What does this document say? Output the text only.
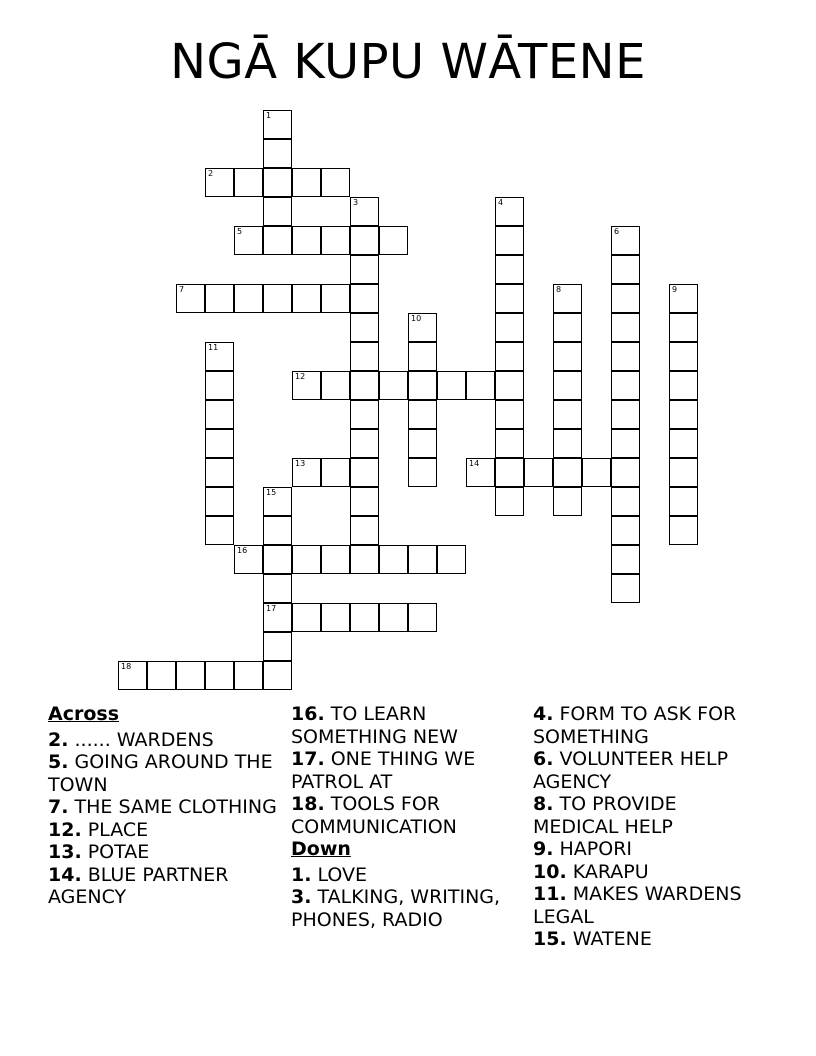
NGĀ KUPU WĀTENE
1
2
3	4
5	6
7	8	9
10
11
12
13	14
15
17
16
18
Across
2. ...... WARDENS
5. GOING AROUND THE TOWN
7. THE SAME CLOTHING
12. PLACE
13. POTAE
14. BLUE PARTNER AGENCY
16. TO LEARN SOMETHING NEW
17. ONE THING WE PATROL AT
18. TOOLS FOR COMMUNICATION
Down
1. LOVE
3. TALKING, WRITING, PHONES, RADIO
4. FORM TO ASK FOR SOMETHING
6. VOLUNTEER HELP AGENCY
8. TO PROVIDE MEDICAL HELP
9. HAPORI
10. KARAPU
11. MAKES WARDENS LEGAL
15. WATENE
